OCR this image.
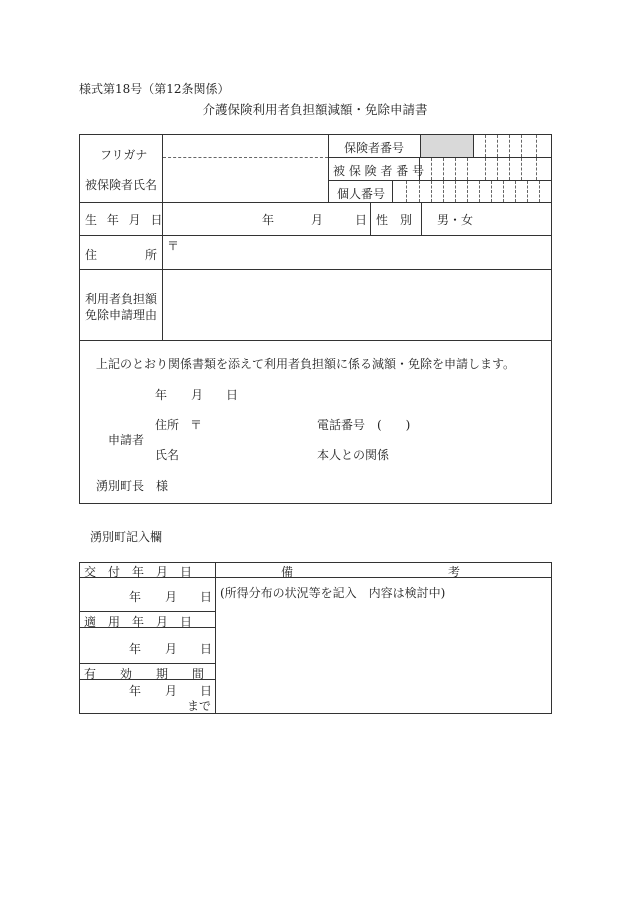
様式第18号（第12条関係）
介護保険利用者負担額減額・免除申請書
フリガナ
被保険者氏名
保険者番号
被 保 険 者 番 号
個人番号
生 年 月 日	年	月	日 性　別 男・女
住	所
〒
利用者負担額
免除申請理由
上記のとおり関係書類を添えて利用者負担額に係る減額・免除を申請します。
年 月 日
申請者
住所 〒	電話番号　(　　)
氏名	本人との関係
湧別町長　様
湧別町記入欄
交　付　年　月　日	備	考
年 月 日 (所得分布の状況等を記入　内容は検討中)
適　用　年　月　日
年 月 日
有　　効　　期　　間
年 月 日
まで
